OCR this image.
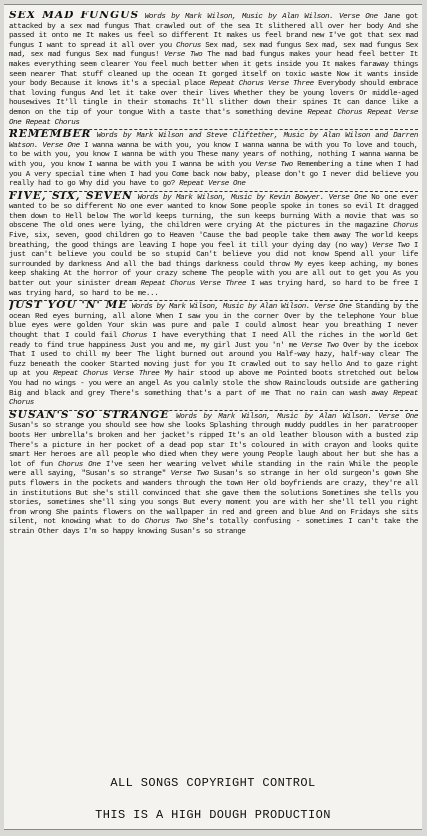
SEX MAD FUNGUS Words by Mark Wilson, Music by Alan Wilson. Verse One Jane got attacked by a sex mad fungus That crawled out of the sea It slithered all over her body And she passed it onto me It makes us feel so different It makes us feel brand new I've got that sex mad fungus I want to spread it all over you Chorus Sex mad, sex mad fungus Sex mad, sex mad fungus Sex mad, sex mad fungus Sex mad fungus! Verse Two The mad bad fungus makes your head feel better It makes everything seem clearer You feel much better when it gets inside you It makes faraway things seem nearer That stuff cleaned up the ocean It gorged itself on toxic waste Now it wants inside your body Because it knows it's a special place Repeat Chorus Verse Three Everybody should embrace that loving fungus And let it take over their lives Whether they be young lovers Or middle-aged housewives It'll tingle in their stomachs It'll slither down their spines It can dance like a demon on the tip of your tongue With a taste that's something devine Repeat Chorus Repeat Verse One Repeat Chorus

REMEMBER Words by Mark Wilson and Steve Cliftether, Music by Alan Wilson and Darren Watson. Verse One I wanna wanna be with you, you know I wanna wanna be with you To love and touch, to be with you, you know I wanna be with you These many years of nothing, nothing I wanna wanna be with you, you know I wanna be with you I wanna be with you Verse Two Remembering a time when I had you A very special time when I had you Come back now baby, please don't go I never did believe you really had to go Why did you have to go? Repeat Verse One

FIVE, SIX, SEVEN Words by Mark Wilson, Music by Kevin Bowyer. Verse One No one ever wanted to be so different No one ever wanted to know Some people spoke in tones so evil It dragged them down to Hell below The world keeps turning, the sun keeps burning With a movie that was so obscene The old ones were lying, the children were crying At the pictures in the magazine Chorus Five, six, seven, good children go to Heaven 'Cause the bad people take them away The world keeps breathing, the good things are leaving I hope you feel it till your dying day (no way) Verse Two I just can't believe you could be so stupid Can't believe you did not know Spend all your life surrounded by darkness And all the bad things darkness could throw My eyes keep aching, my bones keep shaking At the horror of your crazy scheme The people with you are all out to get you As you batter out your sinister dream Repeat Chorus Verse Three I was trying hard, so hard to be free I was trying hard, so hard to be me...

JUST YOU 'N' ME Words by Mark Wilson, Music by Alan Wilson. Verse One Standing by the ocean Red eyes burning, all alone When I saw you in the corner Over by the telephone Your blue blue eyes were golden Your skin was pure and pale I could almost hear you breathing I never thought that I could fail Chorus I have everything that I need All the riches in the world Get ready to find true happiness Just you and me, my girl Just you 'n' me Verse Two Over by the icebox That I used to chill my beer The light burned out around you Half-way hazy, half-way clear The fuzz beneath the cooker Started moving just for you It crawled out to say hello And to gaze right up at you Repeat Chorus Verse Three My hair stood up above me Pointed boots stretched out below You had no wings - you were an angel As you calmly stole the show Rainclouds outside are gathering Big and black and grey There's something that's a part of me That no rain can wash away Repeat Chorus

SUSAN'S SO STRANGE Words by Mark Wilson, Music by Alan Wilson. Verse One Susan's so strange you should see how she looks Splashing through muddy puddles in her paratrooper boots Her umbrella's broken and her jacket's ripped It's an old leather blouson with a busted zip There's a picture in her pocket of a dead pop star It's coloured in with crayon and looks quite smart Her heroes are all people who died when they were young People laugh about her but she has a lot of fun Chorus One I've seen her wearing velvet while standing in the rain While the people were all saying, "Susan's so strange" Verse Two Susan's so strange in her old surgeon's gown She puts flowers in the pockets and wanders through the town Her old boyfriends are crazy, they're all in institutions But she's still convinced that she gave them the solutions Sometimes she tells you stories, sometimes she'll sing you songs But every moment you are with her she'll tell you right from wrong She paints flowers on the wallpaper in red and green and blue And on Fridays she sits silent, not knowing what to do Chorus Two She's totally confusing - sometimes I can't take the strain Other days I'm so happy knowing Susan's so strange

ALL SONGS COPYRIGHT CONTROL
THIS IS A HIGH DOUGH PRODUCTION
